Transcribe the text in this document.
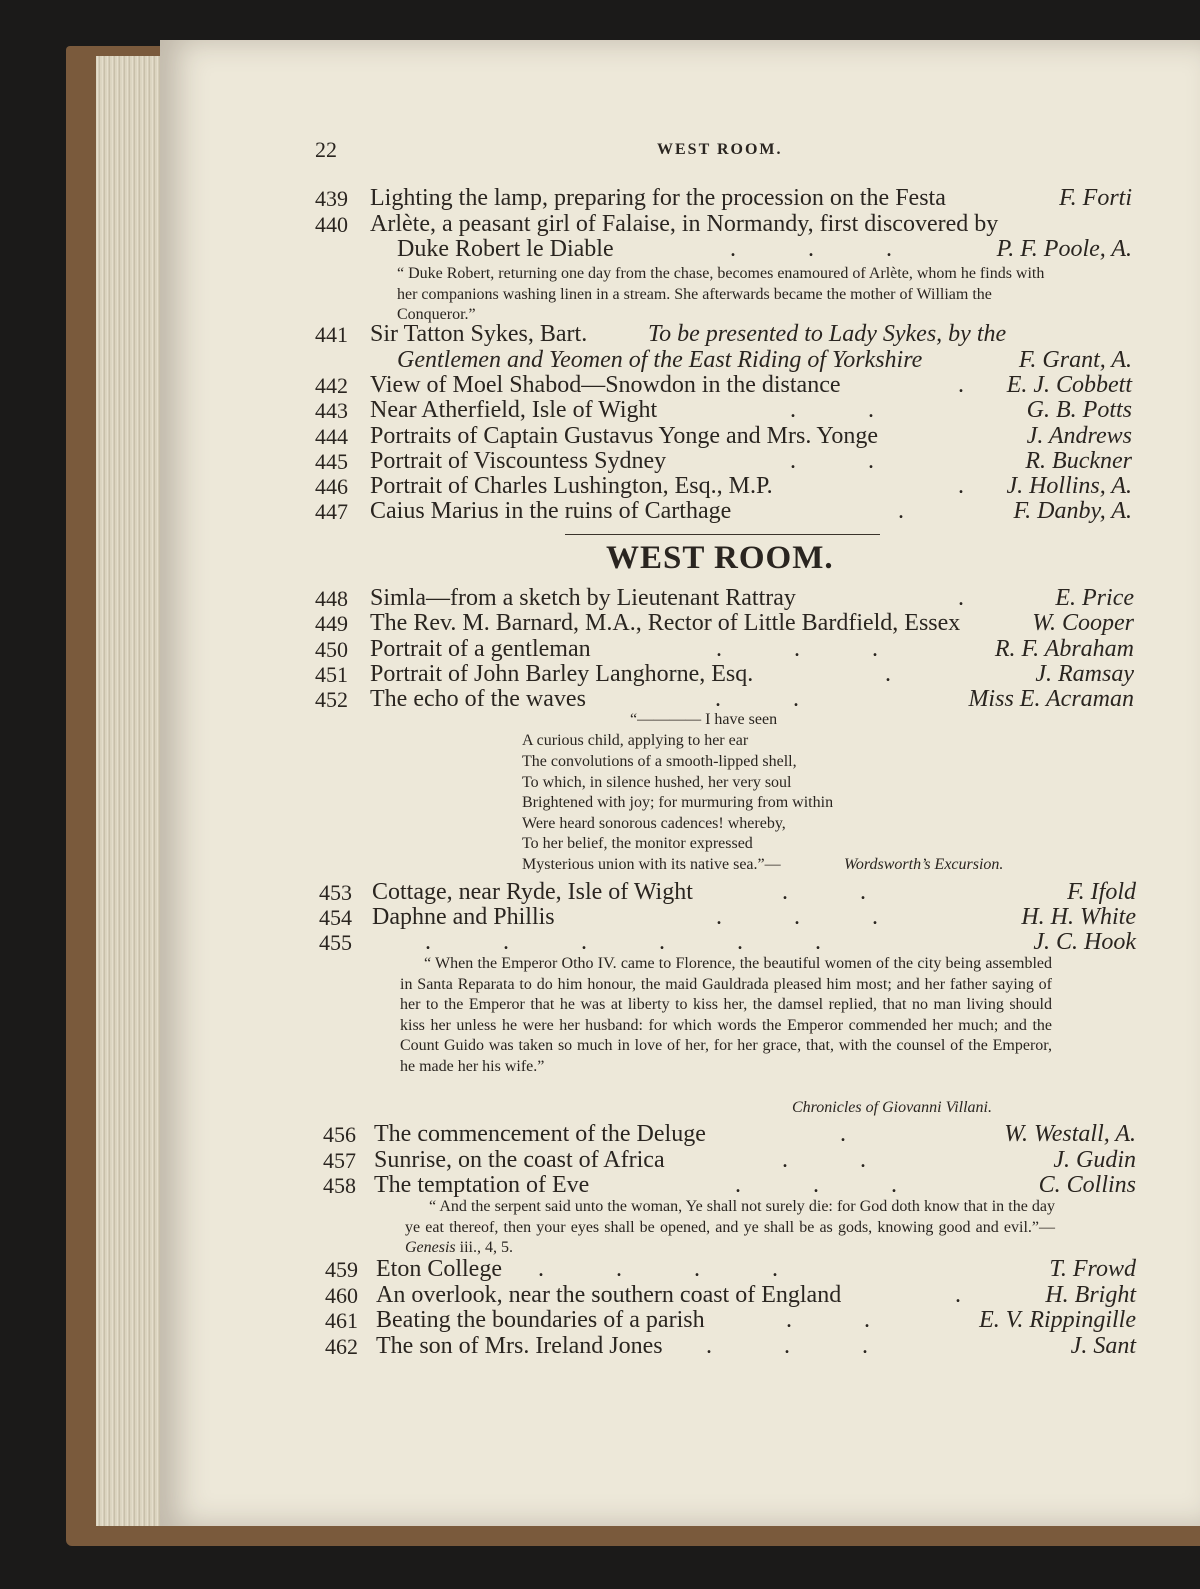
22	WEST ROOM.
439 Lighting the lamp, preparing for the procession on the Festa	F. Forti
440 Arlète, a peasant girl of Falaise, in Normandy, first discovered by
Duke Robert le Diable	.            .            .	P. F. Poole, A.
“ Duke Robert, returning one day from the chase, becomes enamoured of Arlète, whom he finds with her companions washing linen in a stream. She afterwards became the mother of William the Conqueror.”
441 Sir Tatton Sykes, Bart.	To be presented to Lady Sykes, by the
Gentlemen and Yeomen of the East Riding of Yorkshire	F. Grant, A.
442 View of Moel Shabod—Snowdon in the distance	. E. J. Cobbett
443 Near Atherfield, Isle of Wight	.            .	G. B. Potts
444 Portraits of Captain Gustavus Yonge and Mrs. Yonge	J. Andrews
445 Portrait of Viscountess Sydney	.            .	R. Buckner
446 Portrait of Charles Lushington, Esq., M.P.	. J. Hollins, A.
447 Caius Marius in the ruins of Carthage	.	F. Danby, A.
WEST ROOM.
448 Simla—from a sketch by Lieutenant Rattray	.	E. Price
449 The Rev. M. Barnard, M.A., Rector of Little Bardfield, Essex	W. Cooper
450 Portrait of a gentleman	.            .            .	R. F. Abraham
451 Portrait of John Barley Langhorne, Esq.	.	J. Ramsay
452 The echo of the waves	.            .	Miss E. Acraman
“———— I have seen
A curious child, applying to her ear
The convolutions of a smooth-lipped shell,
To which, in silence hushed, her very soul
Brightened with joy; for murmuring from within
Were heard sonorous cadences! whereby,
To her belief, the monitor expressed
Mysterious union with its native sea.”—	Wordsworth’s Excursion.
453 Cottage, near Ryde, Isle of Wight	.            .	F. Ifold
454 Daphne and Phillis	.            .            .	H. H. White
455	.            .            .            .            .            .	J. C. Hook
“ When the Emperor Otho IV. came to Florence, the beautiful women of the city being assembled in Santa Reparata to do him honour, the maid Gauldrada pleased him most; and her father saying of her to the Emperor that he was at liberty to kiss her, the damsel replied, that no man living should kiss her unless he were her husband: for which words the Emperor commended her much; and the Count Guido was taken so much in love of her, for her grace, that, with the counsel of the Emperor, he made her his wife.”
Chronicles of Giovanni Villani.
456 The commencement of the Deluge	.	W. Westall, A.
457 Sunrise, on the coast of Africa	.            .	J. Gudin
458 The temptation of Eve	.            .            .	C. Collins
“ And the serpent said unto the woman, Ye shall not surely die: for God doth know that in the day ye eat thereof, then your eyes shall be opened, and ye shall be as gods, knowing good and evil.”—Genesis iii., 4, 5.
459 Eton College .            .            .            .	T. Frowd
460 An overlook, near the southern coast of England	.	H. Bright
461 Beating the boundaries of a parish	.            .	E. V. Rippingille
462 The son of Mrs. Ireland Jones .            .            .	J. Sant
